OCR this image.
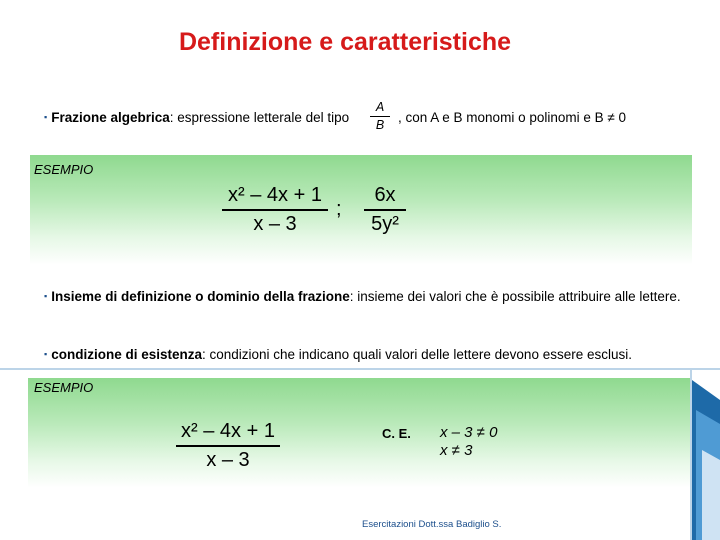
Definizione e caratteristiche
▪ Frazione algebrica: espressione letterale del tipo
A
B	, con A e B monomi o polinomi e B ≠ 0
ESEMPIO
x² – 4x + 1
x – 3
;
6x
5y²
▪ Insieme di definizione o dominio della frazione: insieme dei valori che è possibile attribuire alle lettere.
▪ condizione di esistenza: condizioni che indicano quali valori delle lettere devono essere esclusi.
ESEMPIO
x² – 4x + 1
x – 3
C. E. x – 3 ≠ 0
x ≠ 3
Esercitazioni Dott.ssa Badiglio S.
